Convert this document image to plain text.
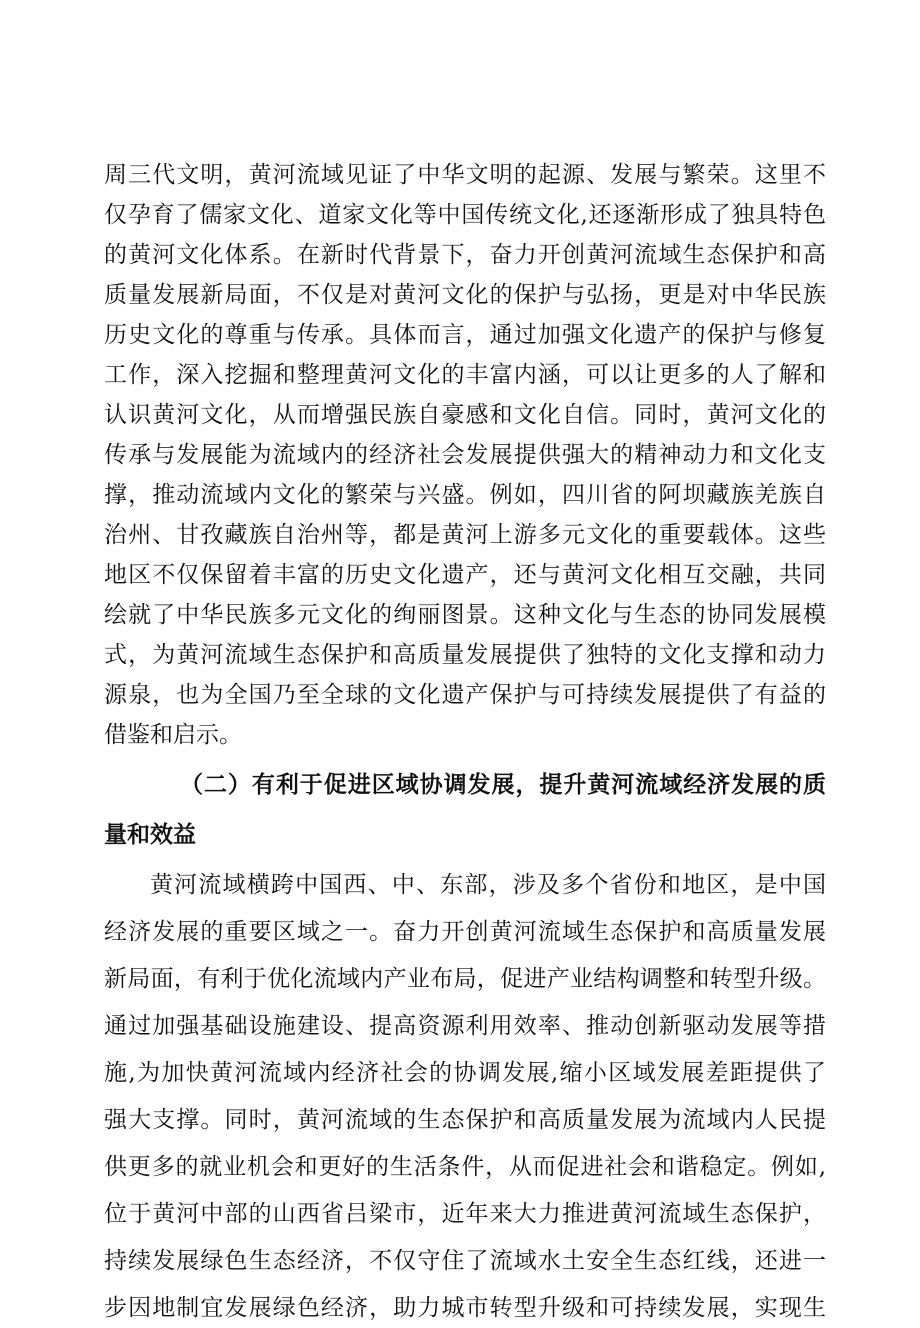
周三代文明，黄河流域见证了中华文明的起源、发展与繁荣。这里不
仅孕育了儒家文化、道家文化等中国传统文化,还逐渐形成了独具特色
的黄河文化体系。在新时代背景下，奋力开创黄河流域生态保护和高
质量发展新局面，不仅是对黄河文化的保护与弘扬，更是对中华民族
历史文化的尊重与传承。具体而言，通过加强文化遗产的保护与修复
工作，深入挖掘和整理黄河文化的丰富内涵，可以让更多的人了解和
认识黄河文化，从而增强民族自豪感和文化自信。同时，黄河文化的
传承与发展能为流域内的经济社会发展提供强大的精神动力和文化支
撑，推动流域内文化的繁荣与兴盛。例如，四川省的阿坝藏族羌族自
治州、甘孜藏族自治州等，都是黄河上游多元文化的重要载体。这些
地区不仅保留着丰富的历史文化遗产，还与黄河文化相互交融，共同
绘就了中华民族多元文化的绚丽图景。这种文化与生态的协同发展模
式，为黄河流域生态保护和高质量发展提供了独特的文化支撑和动力
源泉，也为全国乃至全球的文化遗产保护与可持续发展提供了有益的
借鉴和启示。
（二）有利于促进区域协调发展，提升黄河流域经济发展的质
量和效益
黄河流域横跨中国西、中、东部，涉及多个省份和地区，是中国
经济发展的重要区域之一。奋力开创黄河流域生态保护和高质量发展
新局面，有利于优化流域内产业布局，促进产业结构调整和转型升级。
通过加强基础设施建设、提高资源利用效率、推动创新驱动发展等措
施,为加快黄河流域内经济社会的协调发展,缩小区域发展差距提供了
强大支撑。同时，黄河流域的生态保护和高质量发展为流域内人民提
供更多的就业机会和更好的生活条件，从而促进社会和谐稳定。例如,
位于黄河中部的山西省吕梁市，近年来大力推进黄河流域生态保护，
持续发展绿色生态经济，不仅守住了流域水土安全生态红线，还进一
步因地制宜发展绿色经济，助力城市转型升级和可持续发展，实现生
